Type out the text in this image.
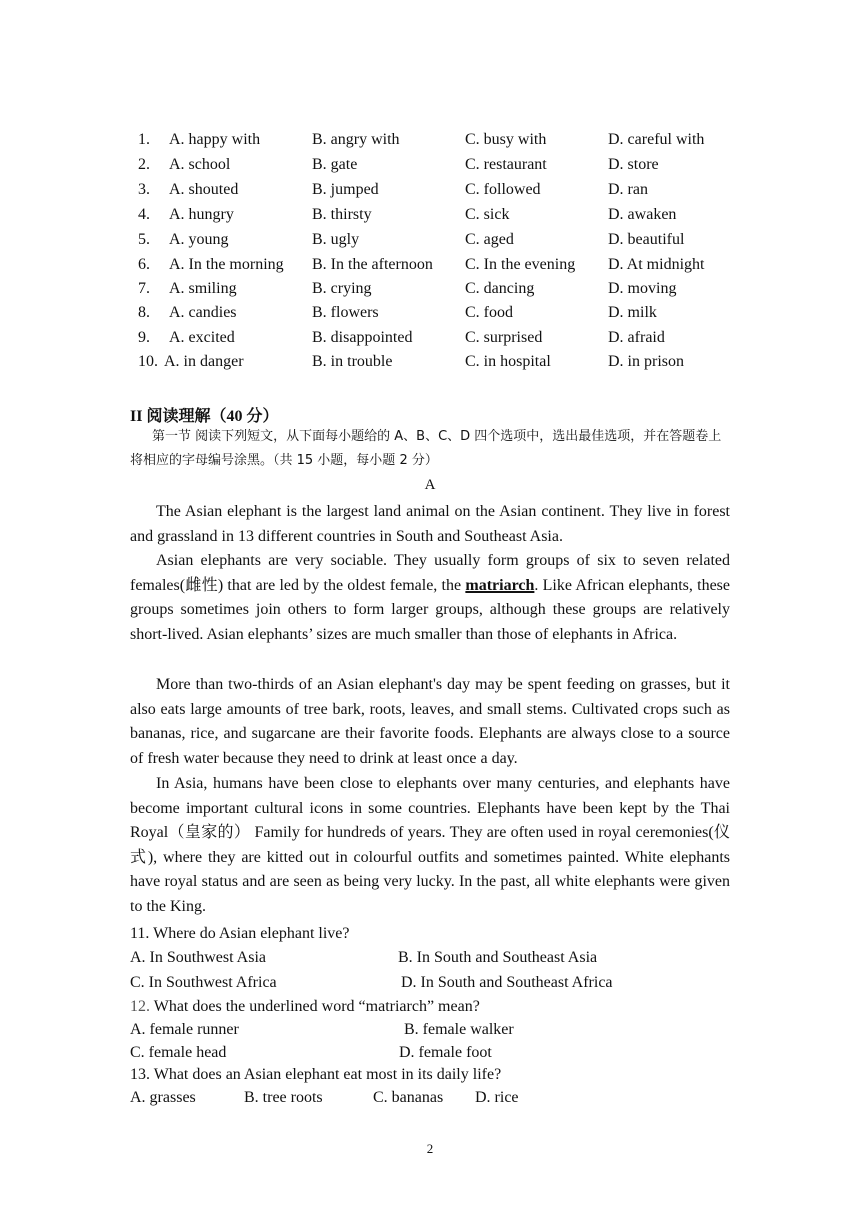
1.	A. happy with	B. angry with	C. busy with	D. careful with
2.	A. school	B. gate	C. restaurant	D. store
3.	A. shouted	B. jumped	C. followed	D. ran
4.	A. hungry	B. thirsty	C. sick	D. awaken
5.	A. young	B. ugly	C. aged	D. beautiful
6.	A. In the morning B. In the afternoon C. In the evening D. At midnight
7.	A. smiling	B. crying	C. dancing	D. moving
8.	A. candies	B. flowers	C. food	D. milk
9.	A. excited	B. disappointed	C. surprised	D. afraid
10. A. in danger	B. in trouble	C. in hospital	D. in prison
II 阅读理解（40 分）
第一节 阅读下列短文，从下面每小题给的 A、B、C、D 四个选项中，选出最佳选项，并在答题卷上将相应的字母编号涂黑。（共 15 小题，每小题 2 分）
A

The Asian elephant is the largest land animal on the Asian continent. They live in forest and grassland in 13 different countries in South and Southeast Asia.

Asian elephants are very sociable. They usually form groups of six to seven related females(雌性) that are led by the oldest female, the matriarch. Like African elephants, these groups sometimes join others to form larger groups, although these groups are relatively short-lived. Asian elephants’ sizes are much smaller than those of elephants in Africa.

More than two-thirds of an Asian elephant's day may be spent feeding on grasses, but it also eats large amounts of tree bark, roots, leaves, and small stems. Cultivated crops such as bananas, rice, and sugarcane are their favorite foods. Elephants are always close to a source of fresh water because they need to drink at least once a day.

In Asia, humans have been close to elephants over many centuries, and elephants have become important cultural icons in some countries. Elephants have been kept by the Thai Royal（皇家的） Family for hundreds of years. They are often used in royal ceremonies(仪式), where they are kitted out in colourful outfits and sometimes painted. White elephants have royal status and are seen as being very lucky. In the past, all white elephants were given to the King.

11. Where do Asian elephant live?
A. In Southwest Asia	B. In South and Southeast Asia
C. In Southwest Africa	D. In South and Southeast Africa
12. What does the underlined word “matriarch” mean?
A. female runner	B. female walker
C. female head	D. female foot
13. What does an Asian elephant eat most in its daily life?
A. grasses	B. tree roots	C. bananas D. rice
2
